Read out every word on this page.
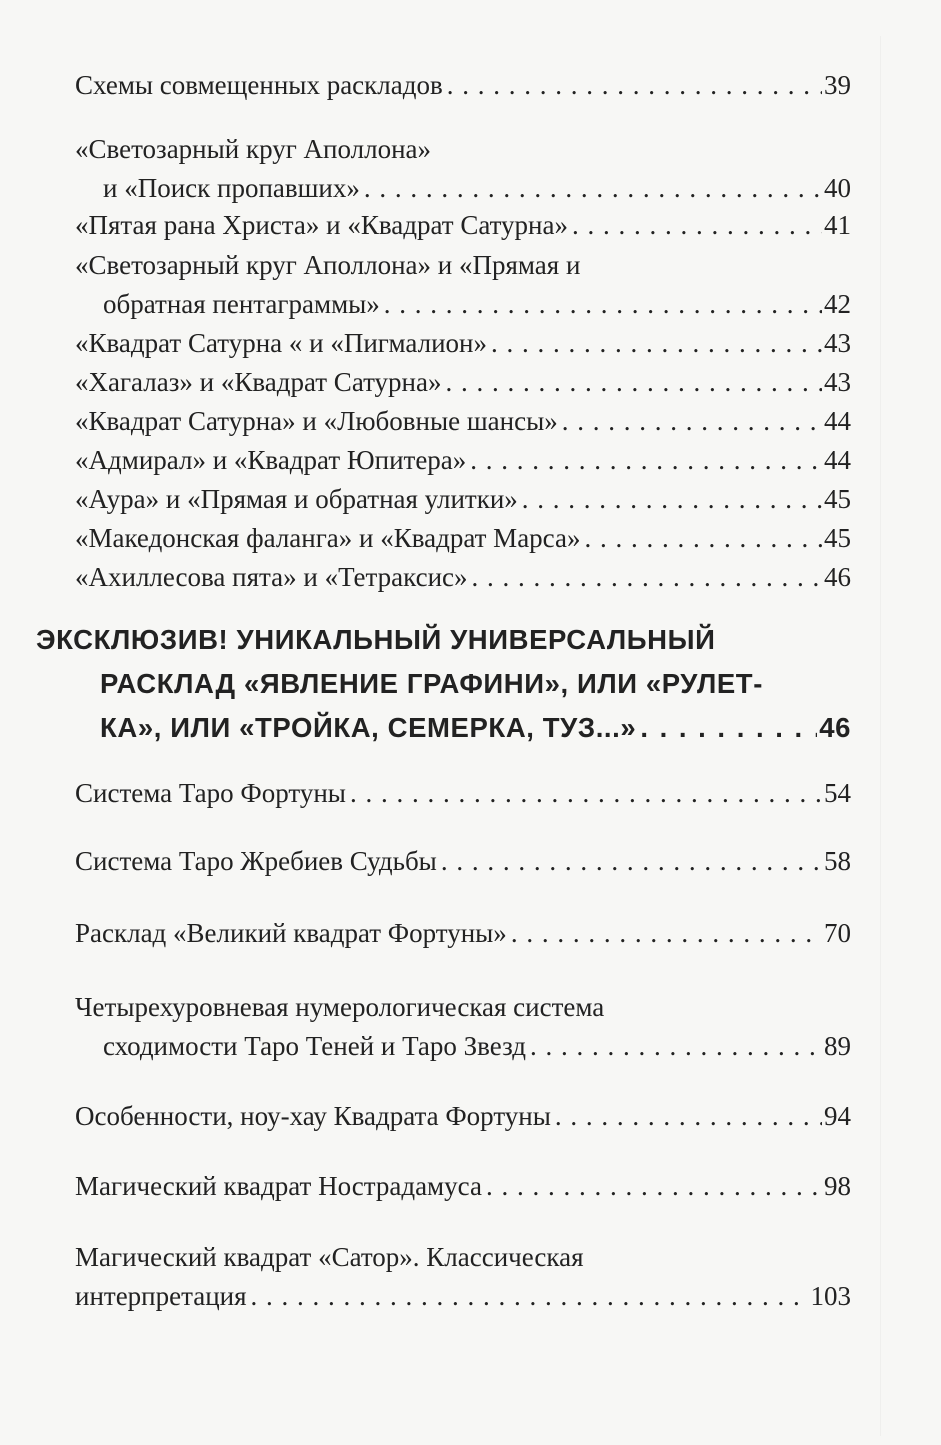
Схемы совмещенных раскладов . . .	39
«Светозарный круг Аполлона»
и «Поиск пропавших» . . .	40
«Пятая рана Христа» и «Квадрат Сатурна» . . .	41
«Светозарный круг Аполлона» и «Прямая и
обратная пентаграммы» . . .	42
«Квадрат Сатурна « и «Пигмалион» . . .	43
«Хагалаз» и «Квадрат Сатурна» . . .	43
«Квадрат Сатурна» и «Любовные шансы» . . .	44
«Адмирал» и «Квадрат Юпитера» . . .	44
«Аура» и «Прямая и обратная улитки» . . .	45
«Македонская фаланга» и «Квадрат Марса» . . .	45
«Ахиллесова пята» и «Тетраксис» . . .	46
ЭКСКЛЮЗИВ! УНИКАЛЬНЫЙ УНИВЕРСАЛЬНЫЙ
РАСКЛАД «ЯВЛЕНИЕ ГРАФИНИ», ИЛИ «РУЛЕТ-
КА», ИЛИ «ТРОЙКА, СЕМЕРКА, ТУЗ...» . . .	46
Система Таро Фортуны . . .	54
Система Таро Жребиев Судьбы . . .	58
Расклад «Великий квадрат Фортуны» . . .	70
Четырехуровневая нумерологическая система
сходимости Таро Теней и Таро Звезд . . .	89
Особенности, ноу-хау Квадрата Фортуны . . .	94
Магический квадрат Нострадамуса . . .	98
Магический квадрат «Сатор». Классическая
интерпретация . . .	103
